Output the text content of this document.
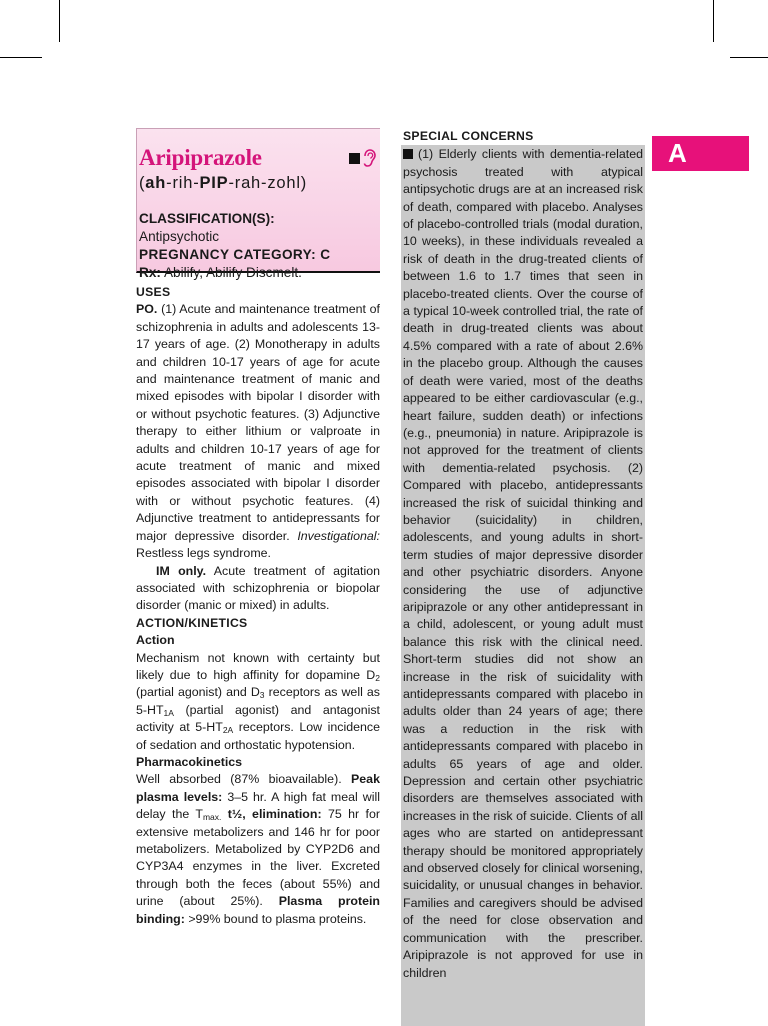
Aripiprazole
(ah-rih-PIP-rah-zohl)
CLASSIFICATION(S):
Antipsychotic
PREGNANCY CATEGORY: C
Rx: Abilify, Abilify Discmelt.
USES

PO. (1) Acute and maintenance treatment of schizophrenia in adults and adolescents 13-17 years of age. (2) Monotherapy in adults and children 10-17 years of age for acute and maintenance treatment of manic and mixed episodes with bipolar I disorder with or without psychotic features. (3) Adjunctive therapy to either lithium or valproate in adults and children 10-17 years of age for acute treatment of manic and mixed episodes associated with bipolar I disorder with or without psychotic features. (4) Adjunctive treatment to antidepressants for major depressive disorder. Investigational: Restless legs syndrome.

IM only. Acute treatment of agitation associated with schizophrenia or biopolar disorder (manic or mixed) in adults.

ACTION/KINETICS
Action

Mechanism not known with certainty but likely due to high affinity for dopamine $D_2$ (partial agonist) and $D_3$ receptors as well as $5-HT_{1A}$ (partial agonist) and antagonist activity at $5-HT_{2A}$ receptors. Low incidence of sedation and orthostatic hypotension.

Pharmacokinetics

Well absorbed (87% bioavailable). Peak plasma levels: 3–5 hr. A high fat meal will delay the $T_{max.}$ t½, elimination: 75 hr for extensive metabolizers and 146 hr for poor metabolizers. Metabolized by CYP2D6 and CYP3A4 enzymes in the liver. Excreted through both the feces (about 55%) and urine (about 25%). Plasma protein binding: >99% bound to plasma proteins.

SPECIAL CONCERNS

(1) Elderly clients with dementia-related psychosis treated with atypical antipsychotic drugs are at an increased risk of death, compared with placebo. Analyses of placebo-controlled trials (modal duration, 10 weeks), in these individuals revealed a risk of death in the drug-treated clients of between 1.6 to 1.7 times that seen in placebo-treated clients. Over the course of a typical 10-week controlled trial, the rate of death in drug-treated clients was about 4.5% compared with a rate of about 2.6% in the placebo group. Although the causes of death were varied, most of the deaths appeared to be either cardiovascular (e.g., heart failure, sudden death) or infections (e.g., pneumonia) in nature. Aripiprazole is not approved for the treatment of clients with dementia-related psychosis. (2) Compared with placebo, antidepressants increased the risk of suicidal thinking and behavior (suicidality) in children, adolescents, and young adults in short-term studies of major depressive disorder and other psychiatric disorders. Anyone considering the use of adjunctive aripiprazole or any other antidepressant in a child, adolescent, or young adult must balance this risk with the clinical need. Short-term studies did not show an increase in the risk of suicidality with antidepressants compared with placebo in adults older than 24 years of age; there was a reduction in the risk with antidepressants compared with placebo in adults 65 years of age and older. Depression and certain other psychiatric disorders are themselves associated with increases in the risk of suicide. Clients of all ages who are started on antidepressant therapy should be monitored appropriately and observed closely for clinical worsening, suicidality, or unusual changes in behavior. Families and caregivers should be advised of the need for close observation and communication with the prescriber. Aripiprazole is not approved for use in children

A
